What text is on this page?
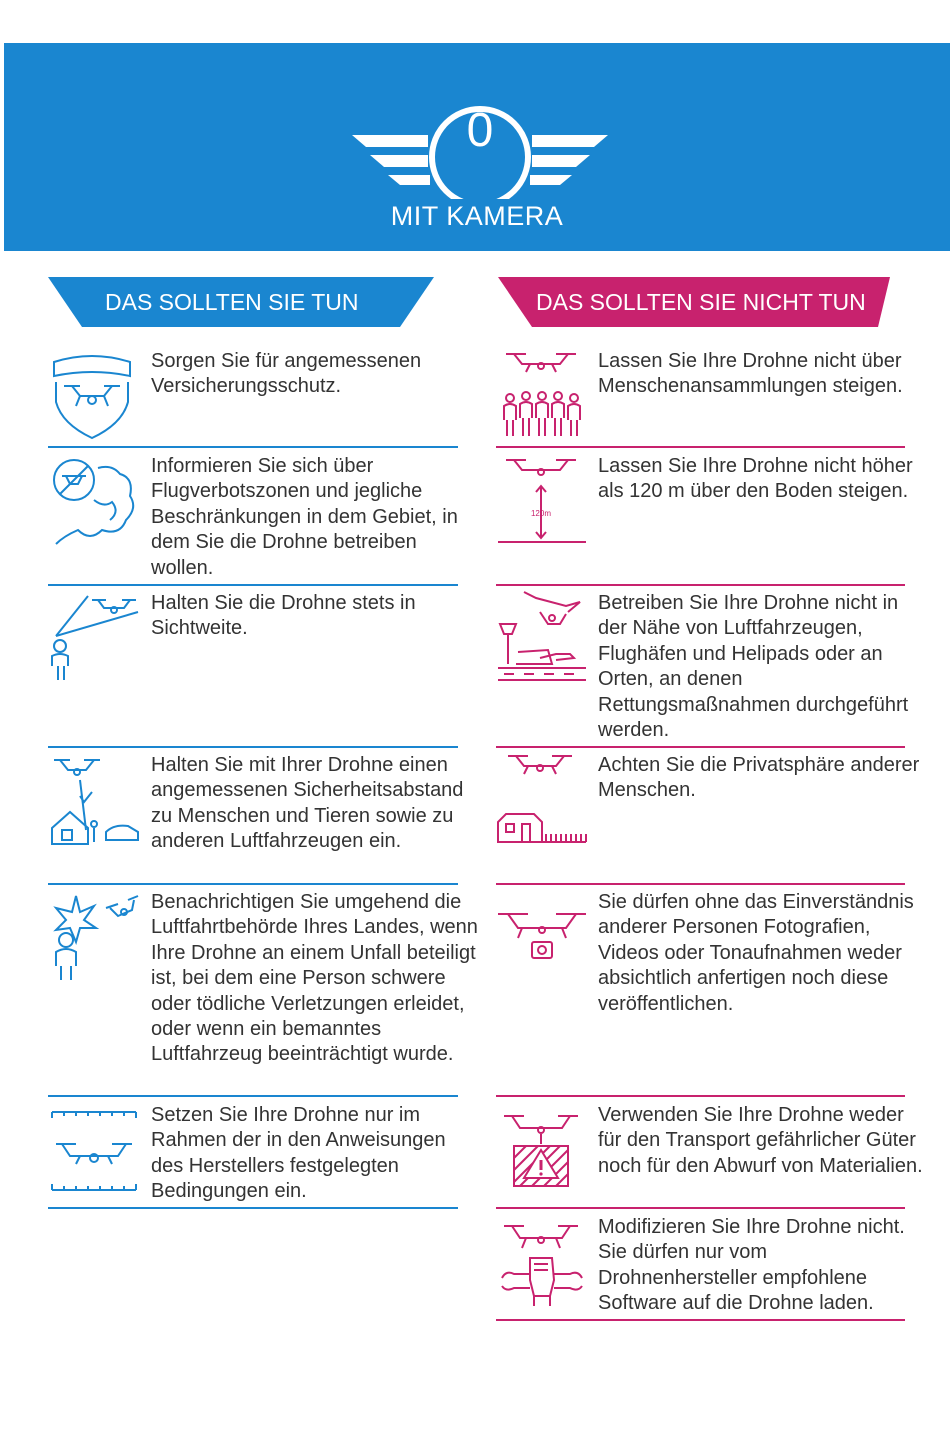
0
MIT KAMERA
DAS SOLLTEN SIE TUN	DAS SOLLTEN SIE NICHT TUN
Sorgen Sie für angemessenen Versicherungsschutz.
Informieren Sie sich über Flugverbotszonen und jegliche Beschränkungen in dem Gebiet, in dem Sie die Drohne betreiben wollen.
Halten Sie die Drohne stets in Sichtweite.
Halten Sie mit Ihrer Drohne einen angemessenen Sicherheitsabstand zu Menschen und Tieren sowie zu anderen Luftfahrzeugen ein.
Benachrichtigen Sie umgehend die Luftfahrtbehörde Ihres Landes, wenn Ihre Drohne an einem Unfall beteiligt ist, bei dem eine Person schwere oder tödliche Verletzungen erleidet, oder wenn ein bemanntes Luftfahrzeug beeinträchtigt wurde.
Setzen Sie Ihre Drohne nur im Rahmen der in den Anweisungen des Herstellers festgelegten Bedingungen ein.
Lassen Sie Ihre Drohne nicht über Menschenansammlungen steigen.
120m
Lassen Sie Ihre Drohne nicht höher als 120 m über den Boden steigen.
Betreiben Sie Ihre Drohne nicht in der Nähe von Luftfahrzeugen, Flughäfen und Helipads oder an Orten, an denen Rettungsmaßnahmen durchgeführt werden.
Achten Sie die Privatsphäre anderer Menschen.
Sie dürfen ohne das Einverständnis anderer Personen Fotografien, Videos oder Tonaufnahmen weder absichtlich anfertigen noch diese veröffentlichen.
Verwenden Sie Ihre Drohne weder für den Transport gefährlicher Güter noch für den Abwurf von Materialien.
Modifizieren Sie Ihre Drohne nicht. Sie dürfen nur vom Drohnenhersteller empfohlene Software auf die Drohne laden.
